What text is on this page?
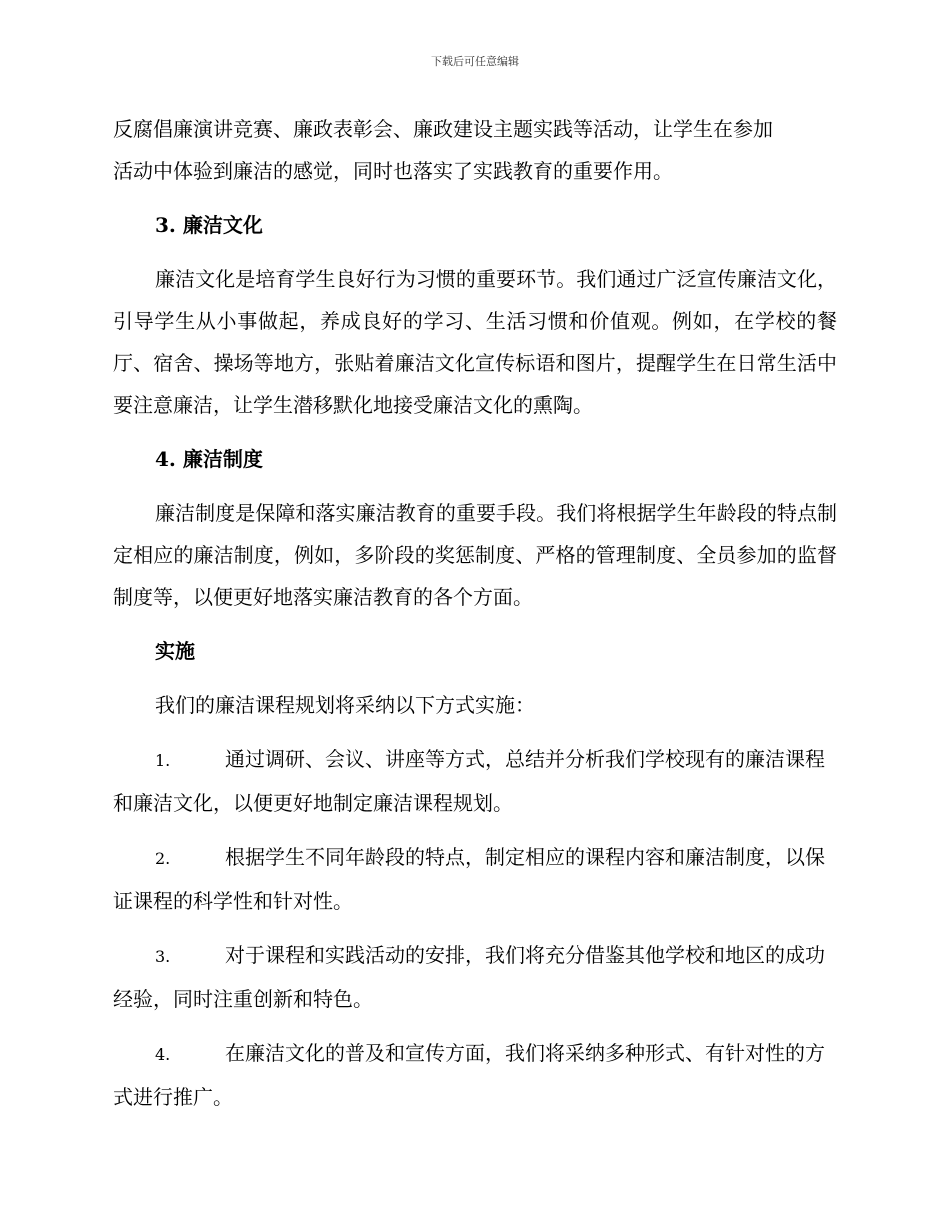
下载后可任意编辑

反腐倡廉演讲竞赛、廉政表彰会、廉政建设主题实践等活动，让学生在参加

活动中体验到廉洁的感觉，同时也落实了实践教育的重要作用。

3. 廉洁文化

廉洁文化是培育学生良好行为习惯的重要环节。我们通过广泛宣传廉洁文化，引导学生从小事做起，养成良好的学习、生活习惯和价值观。例如，在学校的餐厅、宿舍、操场等地方，张贴着廉洁文化宣传标语和图片，提醒学生在日常生活中要注意廉洁，让学生潜移默化地接受廉洁文化的熏陶。

4. 廉洁制度

廉洁制度是保障和落实廉洁教育的重要手段。我们将根据学生年龄段的特点制定相应的廉洁制度，例如，多阶段的奖惩制度、严格的管理制度、全员参加的监督制度等，以便更好地落实廉洁教育的各个方面。

实施

我们的廉洁课程规划将采纳以下方式实施：

1.	通过调研、会议、讲座等方式，总结并分析我们学校现有的廉洁课程和廉洁文化，以便更好地制定廉洁课程规划。

2.	根据学生不同年龄段的特点，制定相应的课程内容和廉洁制度，以保证课程的科学性和针对性。

3.	对于课程和实践活动的安排，我们将充分借鉴其他学校和地区的成功经验，同时注重创新和特色。

4.	在廉洁文化的普及和宣传方面，我们将采纳多种形式、有针对性的方式进行推广。
